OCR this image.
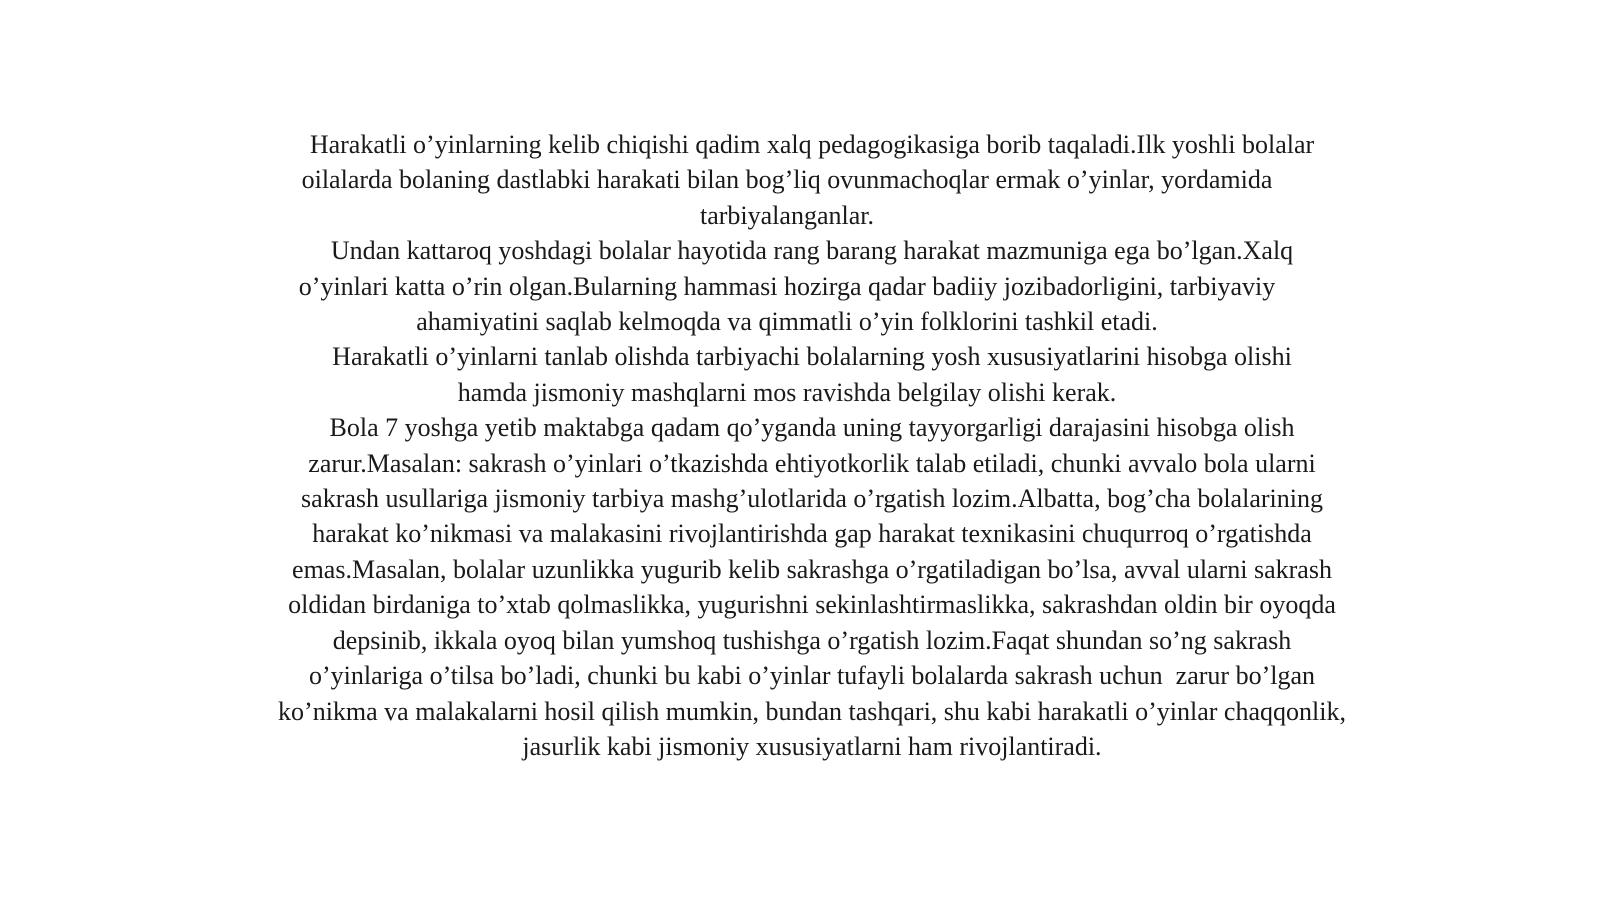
Harakatli o’yinlarning kelib chiqishi qadim xalq pedagogikasiga borib taqaladi.Ilk yoshli bolalar
oilalarda bolaning dastlabki harakati bilan bog’liq ovunmachoqlar ermak o’yinlar, yordamida
tarbiyalanganlar.
Undan kattaroq yoshdagi bolalar hayotida rang barang harakat mazmuniga ega bo’lgan.Xalq
o’yinlari katta o’rin olgan.Bularning hammasi hozirga qadar badiiy jozibadorligini, tarbiyaviy
ahamiyatini saqlab kelmoqda va qimmatli o’yin folklorini tashkil etadi.
Harakatli o’yinlarni tanlab olishda tarbiyachi bolalarning yosh xususiyatlarini hisobga olishi
hamda jismoniy mashqlarni mos ravishda belgilay olishi kerak.
Bola 7 yoshga yetib maktabga qadam qo’yganda uning tayyorgarligi darajasini hisobga olish
zarur.Masalan: sakrash o’yinlari o’tkazishda ehtiyotkorlik talab etiladi, chunki avvalo bola ularni
sakrash usullariga jismoniy tarbiya mashg’ulotlarida o’rgatish lozim.Albatta, bog’cha bolalarining
harakat ko’nikmasi va malakasini rivojlantirishda gap harakat texnikasini chuqurroq o’rgatishda
emas.Masalan, bolalar uzunlikka yugurib kelib sakrashga o’rgatiladigan bo’lsa, avval ularni sakrash
oldidan birdaniga to’xtab qolmaslikka, yugurishni sekinlashtirmaslikka, sakrashdan oldin bir oyoqda
depsinib, ikkala oyoq bilan yumshoq tushishga o’rgatish lozim.Faqat shundan so’ng sakrash
o’yinlariga o’tilsa bo’ladi, chunki bu kabi o’yinlar tufayli bolalarda sakrash uchun  zarur bo’lgan
ko’nikma va malakalarni hosil qilish mumkin, bundan tashqari, shu kabi harakatli o’yinlar chaqqonlik,
jasurlik kabi jismoniy xususiyatlarni ham rivojlantiradi.
